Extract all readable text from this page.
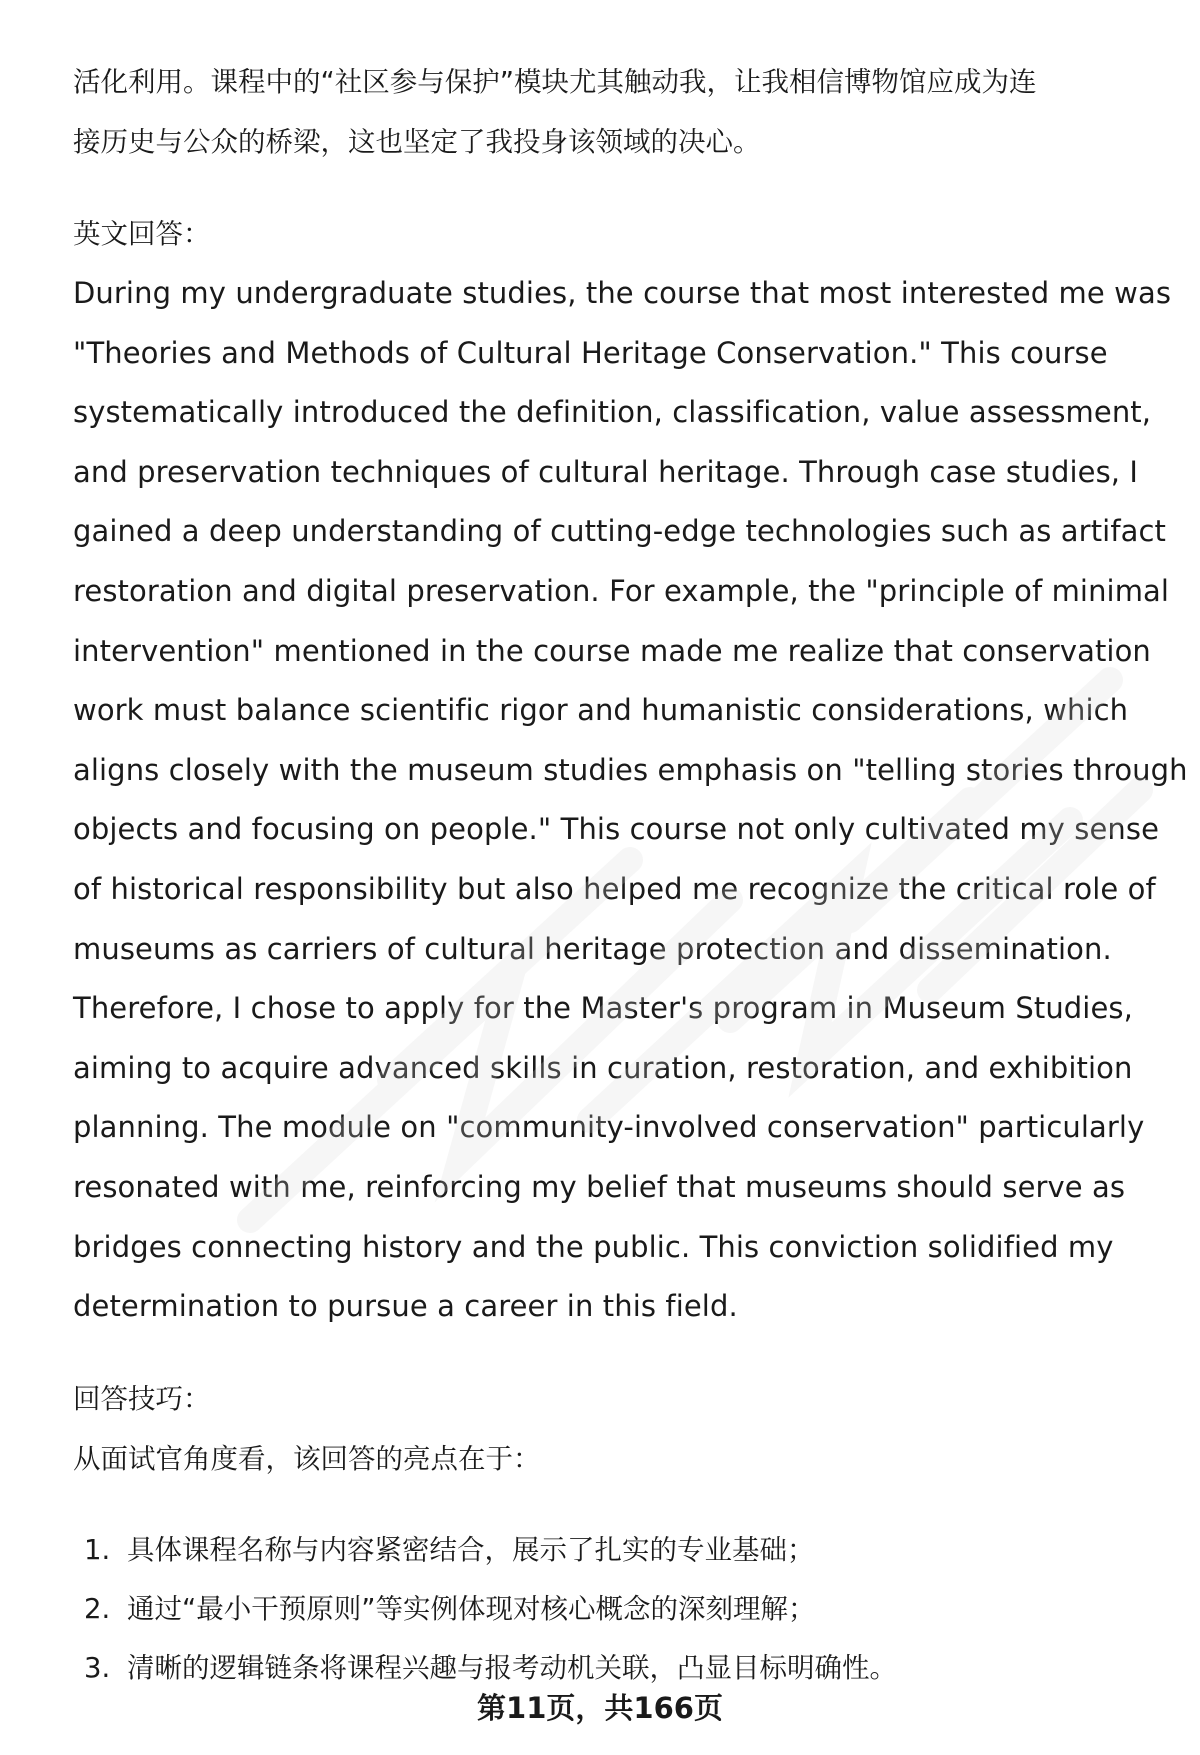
活化利用。课程中的“社区参与保护”模块尤其触动我，让我相信博物馆应成为连

接历史与公众的桥梁，这也坚定了我投身该领域的决心。

英文回答：

During my undergraduate studies, the course that most interested me was

"Theories and Methods of Cultural Heritage Conservation." This course

systematically introduced the definition, classification, value assessment,

and preservation techniques of cultural heritage. Through case studies, I

gained a deep understanding of cutting-edge technologies such as artifact

restoration and digital preservation. For example, the "principle of minimal

intervention" mentioned in the course made me realize that conservation

work must balance scientific rigor and humanistic considerations, which

aligns closely with the museum studies emphasis on "telling stories through

objects and focusing on people." This course not only cultivated my sense

of historical responsibility but also helped me recognize the critical role of

museums as carriers of cultural heritage protection and dissemination.

Therefore, I chose to apply for the Master's program in Museum Studies,

aiming to acquire advanced skills in curation, restoration, and exhibition

planning. The module on "community-involved conservation" particularly

resonated with me, reinforcing my belief that museums should serve as

bridges connecting history and the public. This conviction solidified my

determination to pursue a career in this field.

回答技巧：

从面试官角度看，该回答的亮点在于：

1. 具体课程名称与内容紧密结合，展示了扎实的专业基础；
2. 通过“最小干预原则”等实例体现对核心概念的深刻理解；
3. 清晰的逻辑链条将课程兴趣与报考动机关联，凸显目标明确性。
第11页，共166页
